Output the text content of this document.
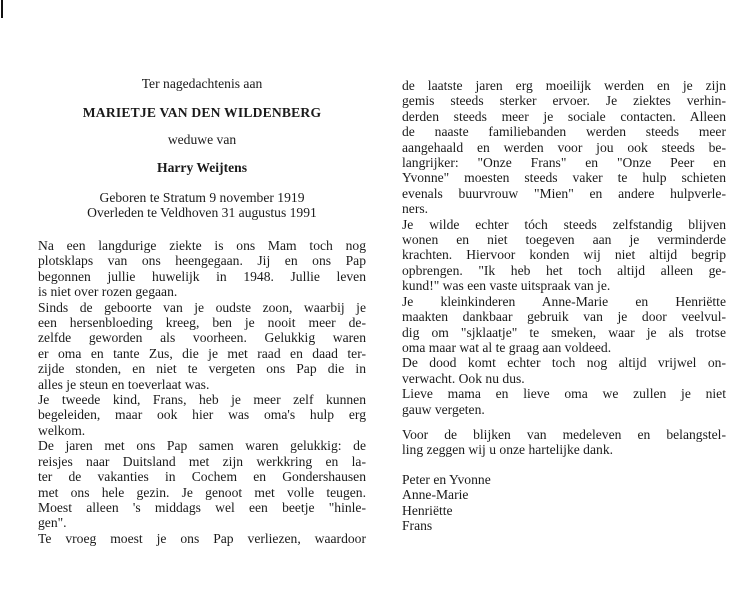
Ter nagedachtenis aan
MARIETJE VAN DEN WILDENBERG
weduwe van
Harry Weijtens
Geboren te Stratum 9 november 1919
Overleden te Veldhoven 31 augustus 1991
Na een langdurige ziekte is ons Mam toch nog
plotsklaps van ons heengegaan. Jij en ons Pap
begonnen jullie huwelijk in 1948. Jullie leven
is niet over rozen gegaan.
Sinds de geboorte van je oudste zoon, waarbij je
een hersenbloeding kreeg, ben je nooit meer de-
zelfde geworden als voorheen. Gelukkig waren
er oma en tante Zus, die je met raad en daad ter-
zijde stonden, en niet te vergeten ons Pap die in
alles je steun en toeverlaat was.
Je tweede kind, Frans, heb je meer zelf kunnen
begeleiden, maar ook hier was oma's hulp erg
welkom.
De jaren met ons Pap samen waren gelukkig: de
reisjes naar Duitsland met zijn werkkring en la-
ter de vakanties in Cochem en Gondershausen
met ons hele gezin. Je genoot met volle teugen.
Moest alleen 's middags wel een beetje "hinle-
gen".
Te vroeg moest je ons Pap verliezen, waardoor
de laatste jaren erg moeilijk werden en je zijn
gemis steeds sterker ervoer. Je ziektes verhin-
derden steeds meer je sociale contacten. Alleen
de naaste familiebanden werden steeds meer
aangehaald en werden voor jou ook steeds be-
langrijker: "Onze Frans" en "Onze Peer en
Yvonne" moesten steeds vaker te hulp schieten
evenals buurvrouw "Mien" en andere hulpverle-
ners.
Je wilde echter tóch steeds zelfstandig blijven
wonen en niet toegeven aan je verminderde
krachten. Hiervoor konden wij niet altijd begrip
opbrengen. "Ik heb het toch altijd alleen ge-
kund!" was een vaste uitspraak van je.
Je kleinkinderen Anne-Marie en Henriëtte
maakten dankbaar gebruik van je door veelvul-
dig om "sjklaatje" te smeken, waar je als trotse
oma maar wat al te graag aan voldeed.
De dood komt echter toch nog altijd vrijwel on-
verwacht. Ook nu dus.
Lieve mama en lieve oma we zullen je niet
gauw vergeten.
Voor de blijken van medeleven en belangstel-
ling zeggen wij u onze hartelijke dank.
Peter en Yvonne
Anne-Marie
Henriëtte
Frans
